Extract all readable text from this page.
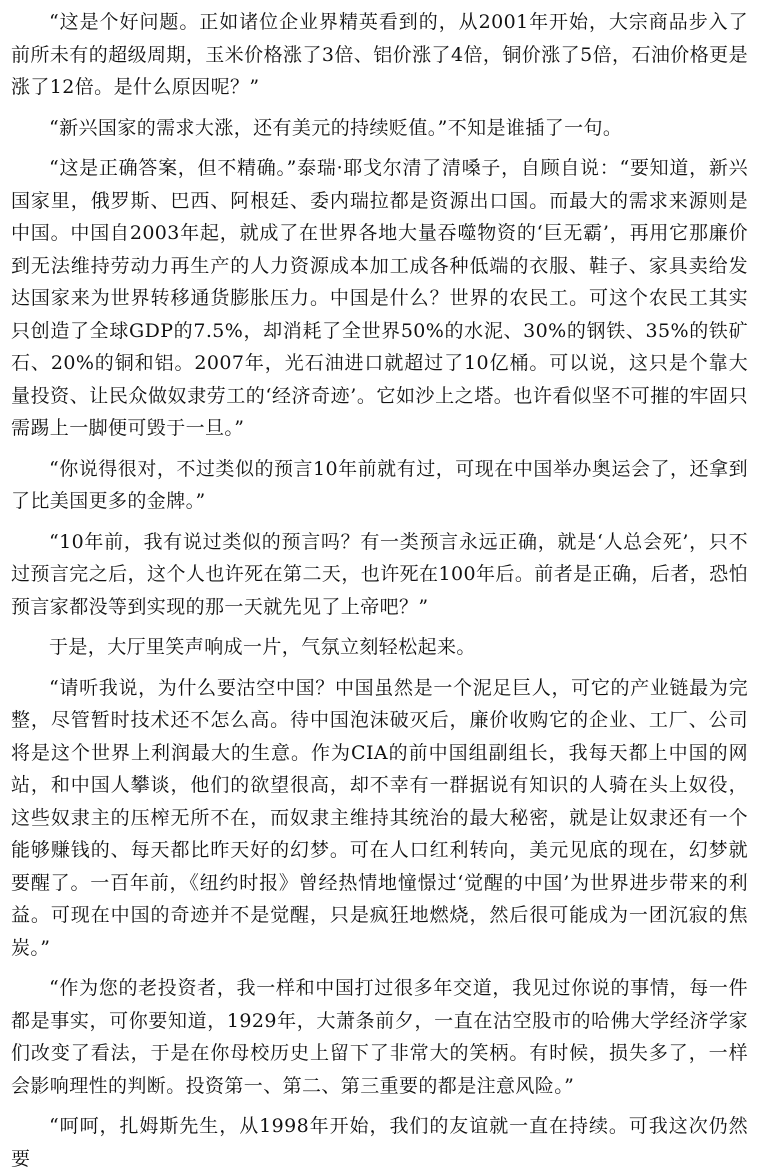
“这是个好问题。正如诸位企业界精英看到的，从2001年开始，大宗商品步入了前所未有的超级周期，玉米价格涨了3倍、铝价涨了4倍，铜价涨了5倍，石油价格更是涨了12倍。是什么原因呢？”

“新兴国家的需求大涨，还有美元的持续贬值。”不知是谁插了一句。

“这是正确答案，但不精确。”泰瑞·耶戈尔清了清嗓子，自顾自说：“要知道，新兴国家里，俄罗斯、巴西、阿根廷、委内瑞拉都是资源出口国。而最大的需求来源则是中国。中国自2003年起，就成了在世界各地大量吞噬物资的‘巨无霸’，再用它那廉价到无法维持劳动力再生产的人力资源成本加工成各种低端的衣服、鞋子、家具卖给发达国家来为世界转移通货膨胀压力。中国是什么？世界的农民工。可这个农民工其实只创造了全球GDP的7.5%，却消耗了全世界50%的水泥、30%的钢铁、35%的铁矿石、20%的铜和铝。2007年，光石油进口就超过了10亿桶。可以说，这只是个靠大量投资、让民众做奴隶劳工的‘经济奇迹’。它如沙上之塔。也许看似坚不可摧的牢固只需踢上一脚便可毁于一旦。”

“你说得很对，不过类似的预言10年前就有过，可现在中国举办奥运会了，还拿到了比美国更多的金牌。”

“10年前，我有说过类似的预言吗？有一类预言永远正确，就是‘人总会死’，只不过预言完之后，这个人也许死在第二天，也许死在100年后。前者是正确，后者，恐怕预言家都没等到实现的那一天就先见了上帝吧？”

于是，大厅里笑声响成一片，气氛立刻轻松起来。

“请听我说，为什么要沽空中国？中国虽然是一个泥足巨人，可它的产业链最为完整，尽管暂时技术还不怎么高。待中国泡沫破灭后，廉价收购它的企业、工厂、公司将是这个世界上利润最大的生意。作为CIA的前中国组副组长，我每天都上中国的网站，和中国人攀谈，他们的欲望很高，却不幸有一群据说有知识的人骑在头上奴役，这些奴隶主的压榨无所不在，而奴隶主维持其统治的最大秘密，就是让奴隶还有一个能够赚钱的、每天都比昨天好的幻梦。可在人口红利转向，美元见底的现在，幻梦就要醒了。一百年前，《纽约时报》曾经热情地憧憬过‘觉醒的中国’为世界进步带来的利益。可现在中国的奇迹并不是觉醒，只是疯狂地燃烧，然后很可能成为一团沉寂的焦炭。”

“作为您的老投资者，我一样和中国打过很多年交道，我见过你说的事情，每一件都是事实，可你要知道，1929年，大萧条前夕，一直在沽空股市的哈佛大学经济学家们改变了看法，于是在你母校历史上留下了非常大的笑柄。有时候，损失多了，一样会影响理性的判断。投资第一、第二、第三重要的都是注意风险。”

“呵呵，扎姆斯先生，从1998年开始，我们的友谊就一直在持续。可我这次仍然要
